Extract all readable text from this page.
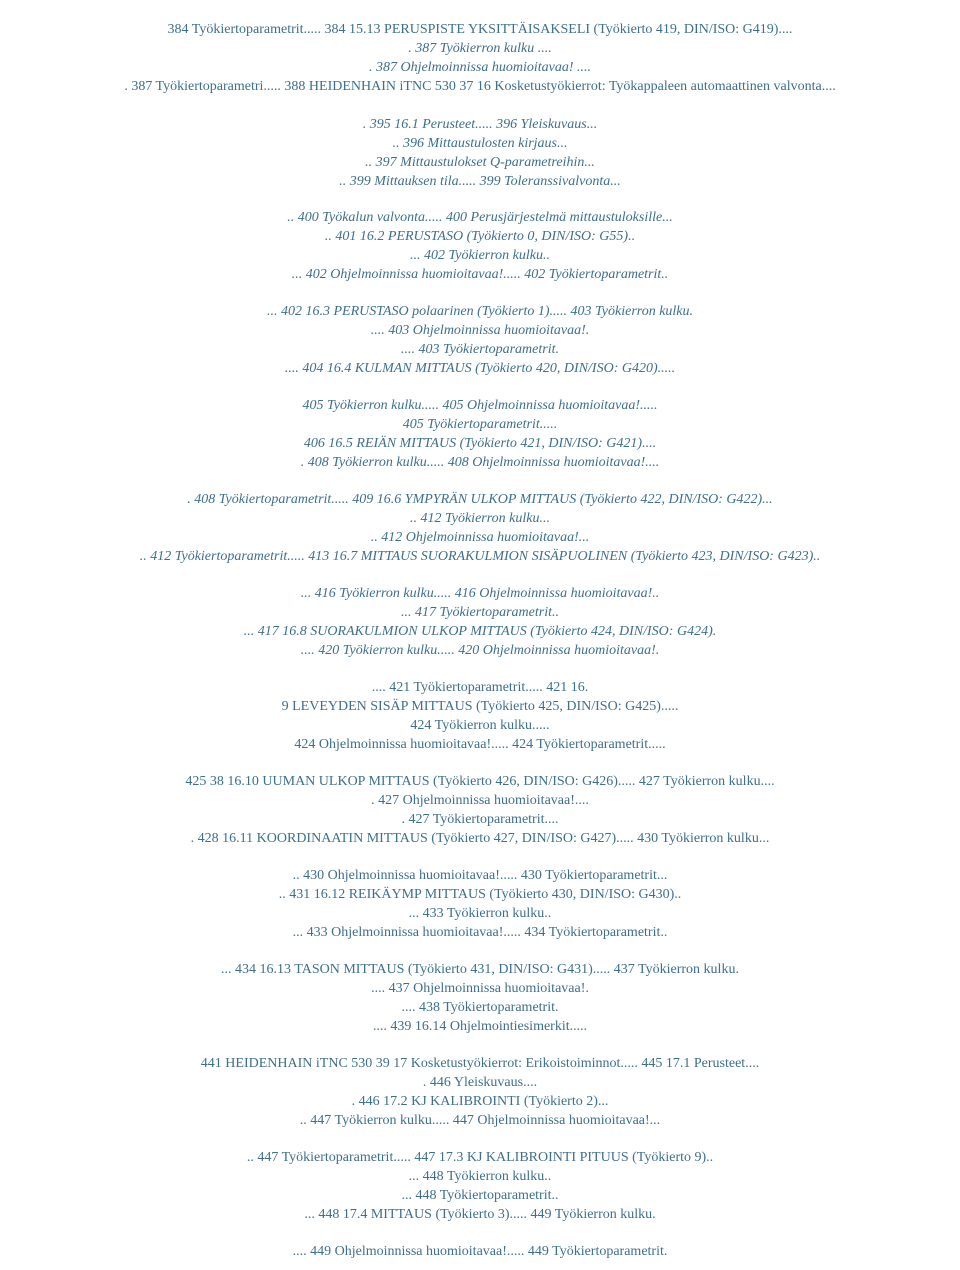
384 Työkiertoparametrit..... 384 15.13 PERUSPISTE YKSITTÄISAKSELI (Työkierto 419, DIN/ISO: G419)....
. 387 Työkierron kulku ....
. 387 Ohjelmoinnissa huomioitavaa! ....
. 387 Työkiertoparametri..... 388 HEIDENHAIN iTNC 530 37 16 Kosketustyökierrot: Työkappaleen automaattinen valvonta....
. 395 16.1 Perusteet..... 396 Yleiskuvaus...
.. 396 Mittaustulosten kirjaus...
.. 397 Mittaustulokset Q-parametreihin...
.. 399 Mittauksen tila..... 399 Toleranssivalvonta...
.. 400 Työkalun valvonta..... 400 Perusjärjestelmä mittaustuloksille...
.. 401 16.2 PERUSTASO (Työkierto 0, DIN/ISO: G55)..
... 402 Työkierron kulku..
... 402 Ohjelmoinnissa huomioitavaa!..... 402 Työkiertoparametrit..
... 402 16.3 PERUSTASO polaarinen (Työkierto 1)..... 403 Työkierron kulku.
.... 403 Ohjelmoinnissa huomioitavaa!.
.... 403 Työkiertoparametrit.
.... 404 16.4 KULMAN MITTAUS (Työkierto 420, DIN/ISO: G420).....
405 Työkierron kulku..... 405 Ohjelmoinnissa huomioitavaa!.....
405 Työkiertoparametrit.....
406 16.5 REIÄN MITTAUS (Työkierto 421, DIN/ISO: G421)....
. 408 Työkierron kulku..... 408 Ohjelmoinnissa huomioitavaa!....
. 408 Työkiertoparametrit..... 409 16.6 YMPYRÄN ULKOP MITTAUS (Työkierto 422, DIN/ISO: G422)...
.. 412 Työkierron kulku...
.. 412 Ohjelmoinnissa huomioitavaa!...
.. 412 Työkiertoparametrit..... 413 16.7 MITTAUS SUORAKULMION SISÄPUOLINEN (Työkierto 423, DIN/ISO: G423)..
... 416 Työkierron kulku..... 416 Ohjelmoinnissa huomioitavaa!..
... 417 Työkiertoparametrit..
... 417 16.8 SUORAKULMION ULKOP MITTAUS (Työkierto 424, DIN/ISO: G424).
.... 420 Työkierron kulku..... 420 Ohjelmoinnissa huomioitavaa!.
.... 421 Työkiertoparametrit..... 421 16.
9 LEVEYDEN SISÄP MITTAUS (Työkierto 425, DIN/ISO: G425).....
424 Työkierron kulku.....
424 Ohjelmoinnissa huomioitavaa!..... 424 Työkiertoparametrit.....
425 38 16.10 UUMAN ULKOP MITTAUS (Työkierto 426, DIN/ISO: G426)..... 427 Työkierron kulku....
. 427 Ohjelmoinnissa huomioitavaa!....
. 427 Työkiertoparametrit....
. 428 16.11 KOORDINAATIN MITTAUS (Työkierto 427, DIN/ISO: G427)..... 430 Työkierron kulku...
.. 430 Ohjelmoinnissa huomioitavaa!..... 430 Työkiertoparametrit...
.. 431 16.12 REIKÄYMP MITTAUS (Työkierto 430, DIN/ISO: G430)..
... 433 Työkierron kulku..
... 433 Ohjelmoinnissa huomioitavaa!..... 434 Työkiertoparametrit..
... 434 16.13 TASON MITTAUS (Työkierto 431, DIN/ISO: G431)..... 437 Työkierron kulku.
.... 437 Ohjelmoinnissa huomioitavaa!.
.... 438 Työkiertoparametrit.
.... 439 16.14 Ohjelmointiesimerkit.....
441 HEIDENHAIN iTNC 530 39 17 Kosketustyökierrot: Erikoistoiminnot..... 445 17.1 Perusteet....
. 446 Yleiskuvaus....
. 446 17.2 KJ KALIBROINTI (Työkierto 2)...
.. 447 Työkierron kulku..... 447 Ohjelmoinnissa huomioitavaa!...
.. 447 Työkiertoparametrit..... 447 17.3 KJ KALIBROINTI PITUUS (Työkierto 9)..
... 448 Työkierron kulku..
... 448 Työkiertoparametrit..
... 448 17.4 MITTAUS (Työkierto 3)..... 449 Työkierron kulku.
.... 449 Ohjelmoinnissa huomioitavaa!..... 449 Työkiertoparametrit.
